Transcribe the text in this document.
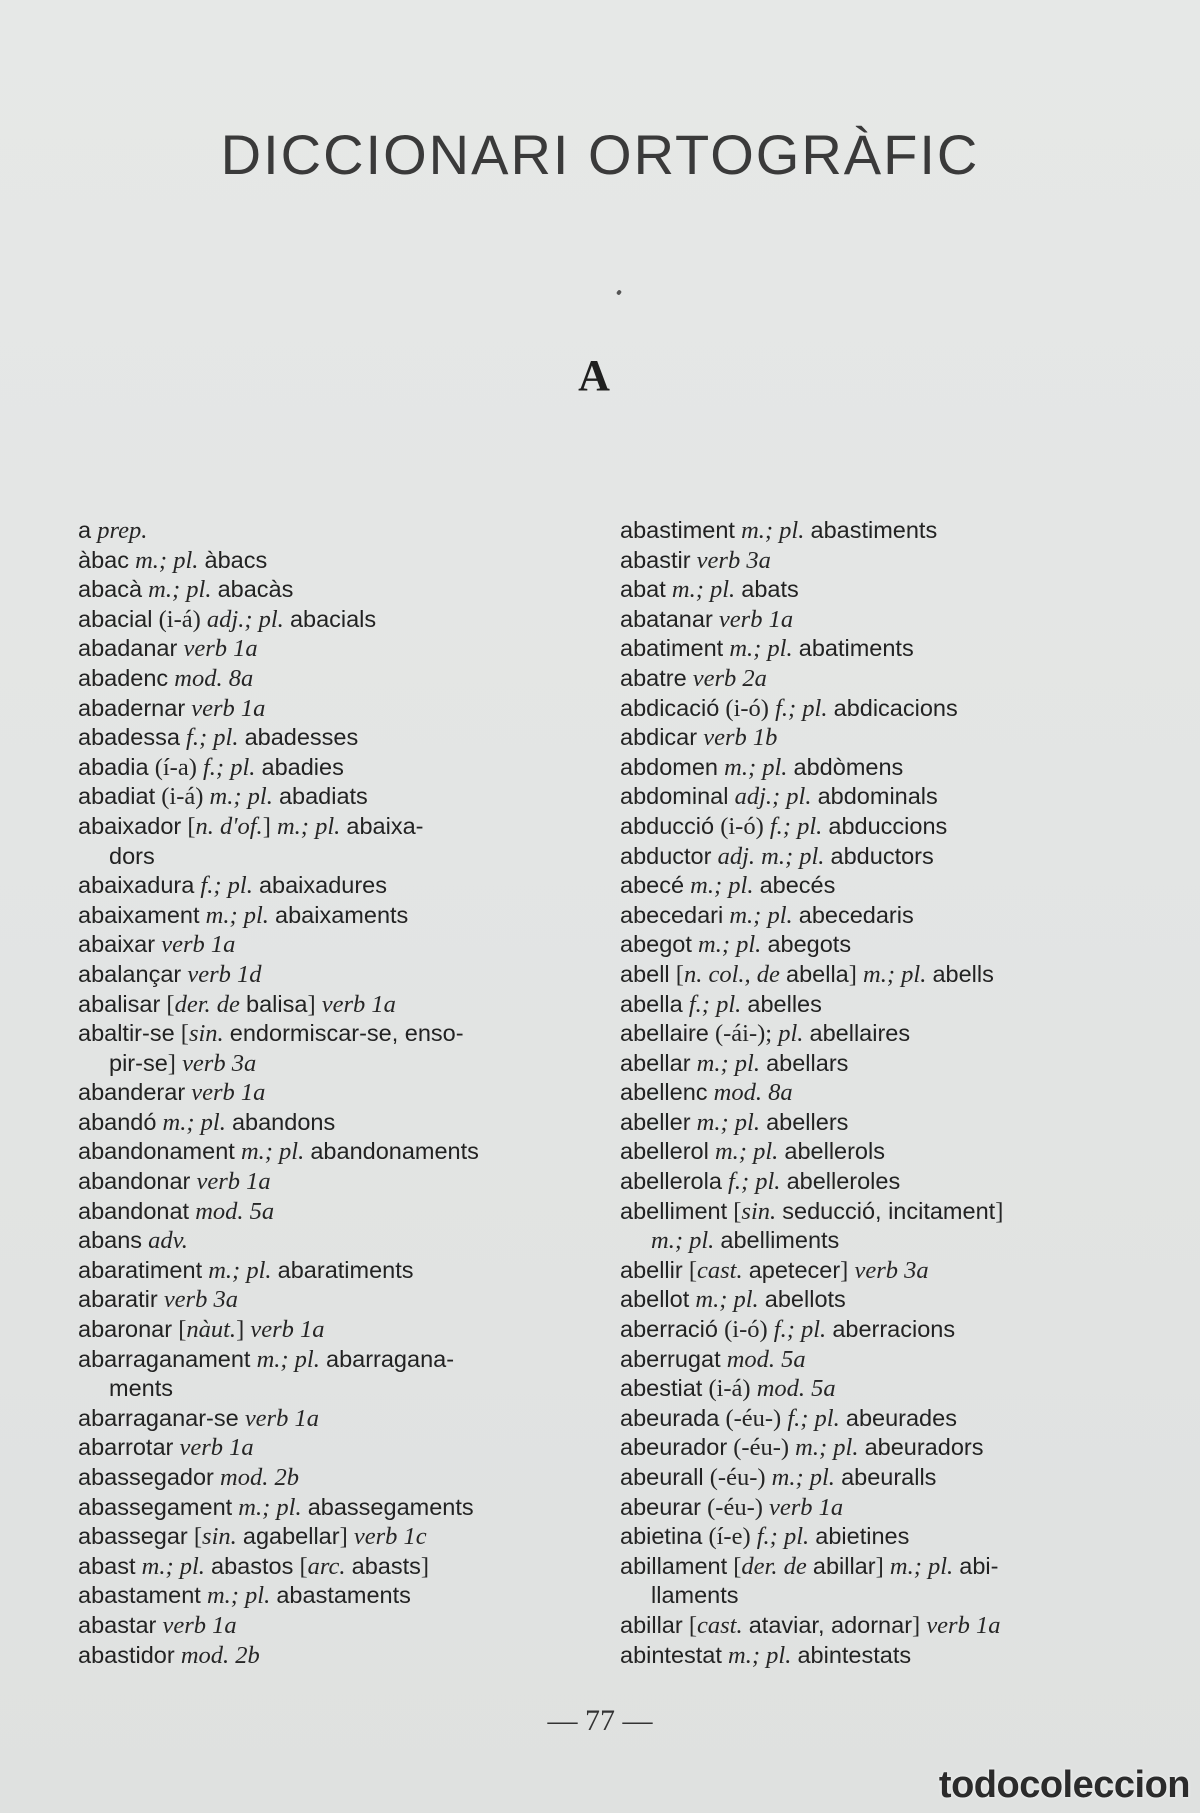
DICCIONARI ORTOGRÀFIC
A
a prep.
àbac m.; pl. àbacs
abacà m.; pl. abacàs
abacial (i-á) adj.; pl. abacials
abadanar verb 1a
abadenc mod. 8a
abadernar verb 1a
abadessa f.; pl. abadesses
abadia (í-a) f.; pl. abadies
abadiat (i-á) m.; pl. abadiats
abaixador [n. d'of.] m.; pl. abaixa-
dors
abaixadura f.; pl. abaixadures
abaixament m.; pl. abaixaments
abaixar verb 1a
abalançar verb 1d
abalisar [der. de balisa] verb 1a
abaltir-se [sin. endormiscar-se, enso-
pir-se] verb 3a
abanderar verb 1a
abandó m.; pl. abandons
abandonament m.; pl. abandonaments
abandonar verb 1a
abandonat mod. 5a
abans adv.
abaratiment m.; pl. abaratiments
abaratir verb 3a
abaronar [nàut.] verb 1a
abarraganament m.; pl. abarragana-
ments
abarraganar-se verb 1a
abarrotar verb 1a
abassegador mod. 2b
abassegament m.; pl. abassegaments
abassegar [sin. agabellar] verb 1c
abast m.; pl. abastos [arc. abasts]
abastament m.; pl. abastaments
abastar verb 1a
abastidor mod. 2b
abastiment m.; pl. abastiments
abastir verb 3a
abat m.; pl. abats
abatanar verb 1a
abatiment m.; pl. abatiments
abatre verb 2a
abdicació (i-ó) f.; pl. abdicacions
abdicar verb 1b
abdomen m.; pl. abdòmens
abdominal adj.; pl. abdominals
abducció (i-ó) f.; pl. abduccions
abductor adj. m.; pl. abductors
abecé m.; pl. abecés
abecedari m.; pl. abecedaris
abegot m.; pl. abegots
abell [n. col., de abella] m.; pl. abells
abella f.; pl. abelles
abellaire (-ái-); pl. abellaires
abellar m.; pl. abellars
abellenc mod. 8a
abeller m.; pl. abellers
abellerol m.; pl. abellerols
abellerola f.; pl. abelleroles
abelliment [sin. seducció, incitament]
m.; pl. abelliments
abellir [cast. apetecer] verb 3a
abellot m.; pl. abellots
aberració (i-ó) f.; pl. aberracions
aberrugat mod. 5a
abestiat (i-á) mod. 5a
abeurada (-éu-) f.; pl. abeurades
abeurador (-éu-) m.; pl. abeuradors
abeurall (-éu-) m.; pl. abeuralls
abeurar (-éu-) verb 1a
abietina (í-e) f.; pl. abietines
abillament [der. de abillar] m.; pl. abi-
llaments
abillar [cast. ataviar, adornar] verb 1a
abintestat m.; pl. abintestats
— 77 —
todocoleccion
